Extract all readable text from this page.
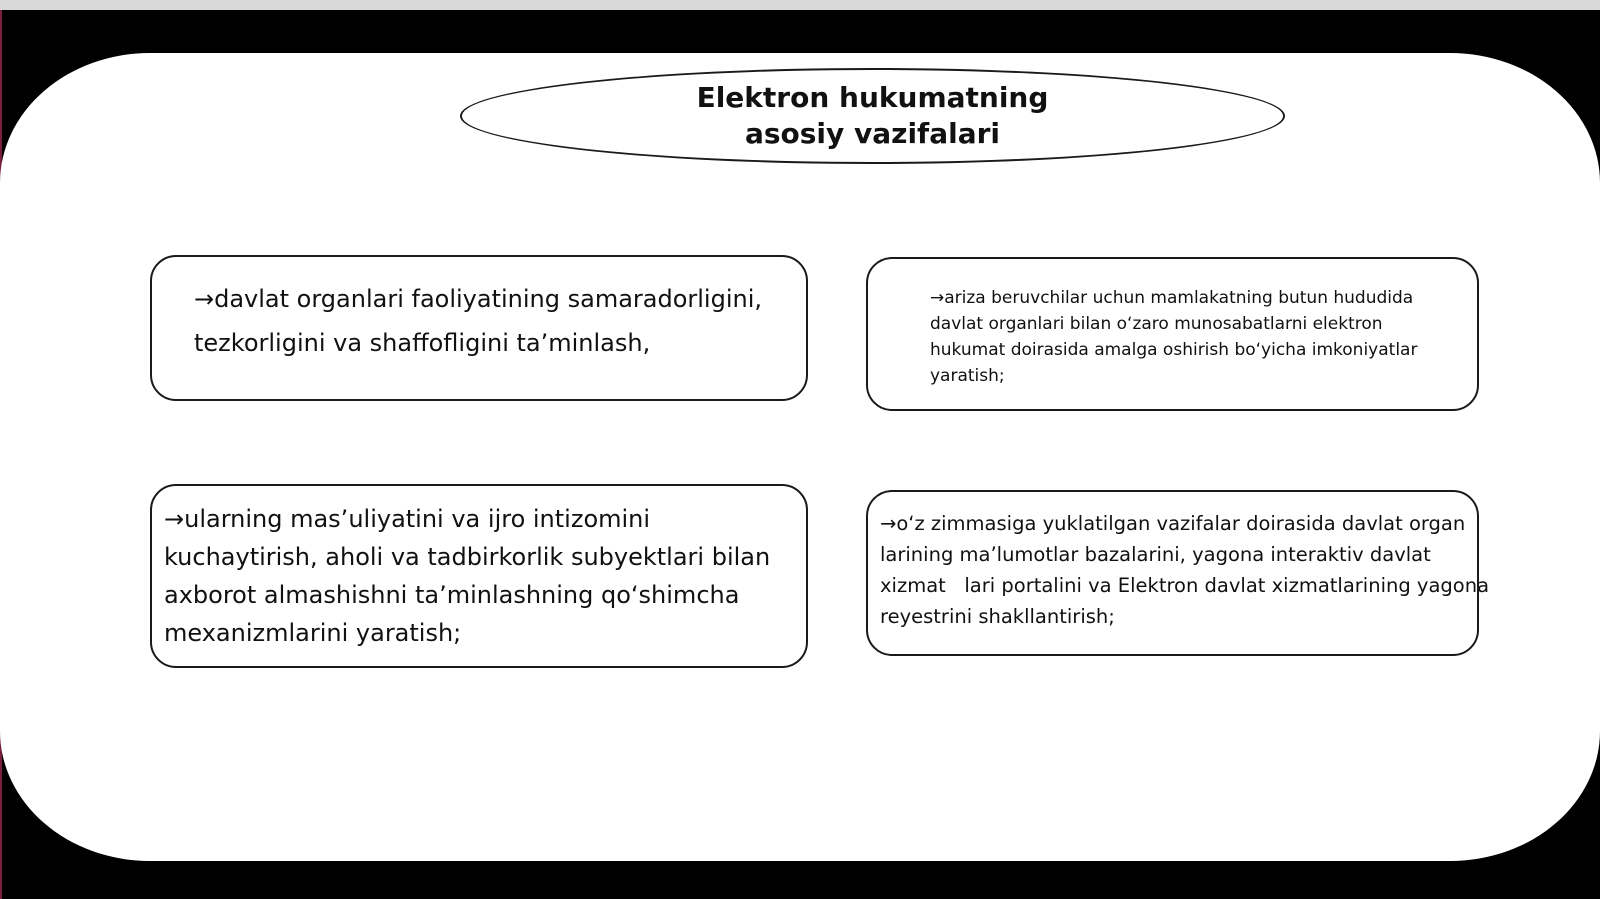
Elektron hukumatning asosiy vazifalari
→davlat organlari faoliyatining samaradorligini, tezkorligini va shaffofligini ta’minlash,
→ariza beruvchilar uchun mamlakatning butun hududida davlat organlari bilan o‘zaro munosabatlarni elektron hukumat doirasida amalga oshirish bo‘yicha imkoniyatlar yaratish;
→ularning mas’uliyatini va ijro intizomini kuchaytirish, aholi va tadbirkorlik subyektlari bilan axborot almashishni ta’minlashning qo‘shimcha mexanizmlarini yaratish;
→o‘z zimmasiga yuklatilgan vazifalar doirasida davlat organ larining ma’lumotlar bazalarini, yagona interaktiv davlat xizmat   lari portalini va Elektron davlat xizmatlarining yagona reyestrini shakllantirish;
